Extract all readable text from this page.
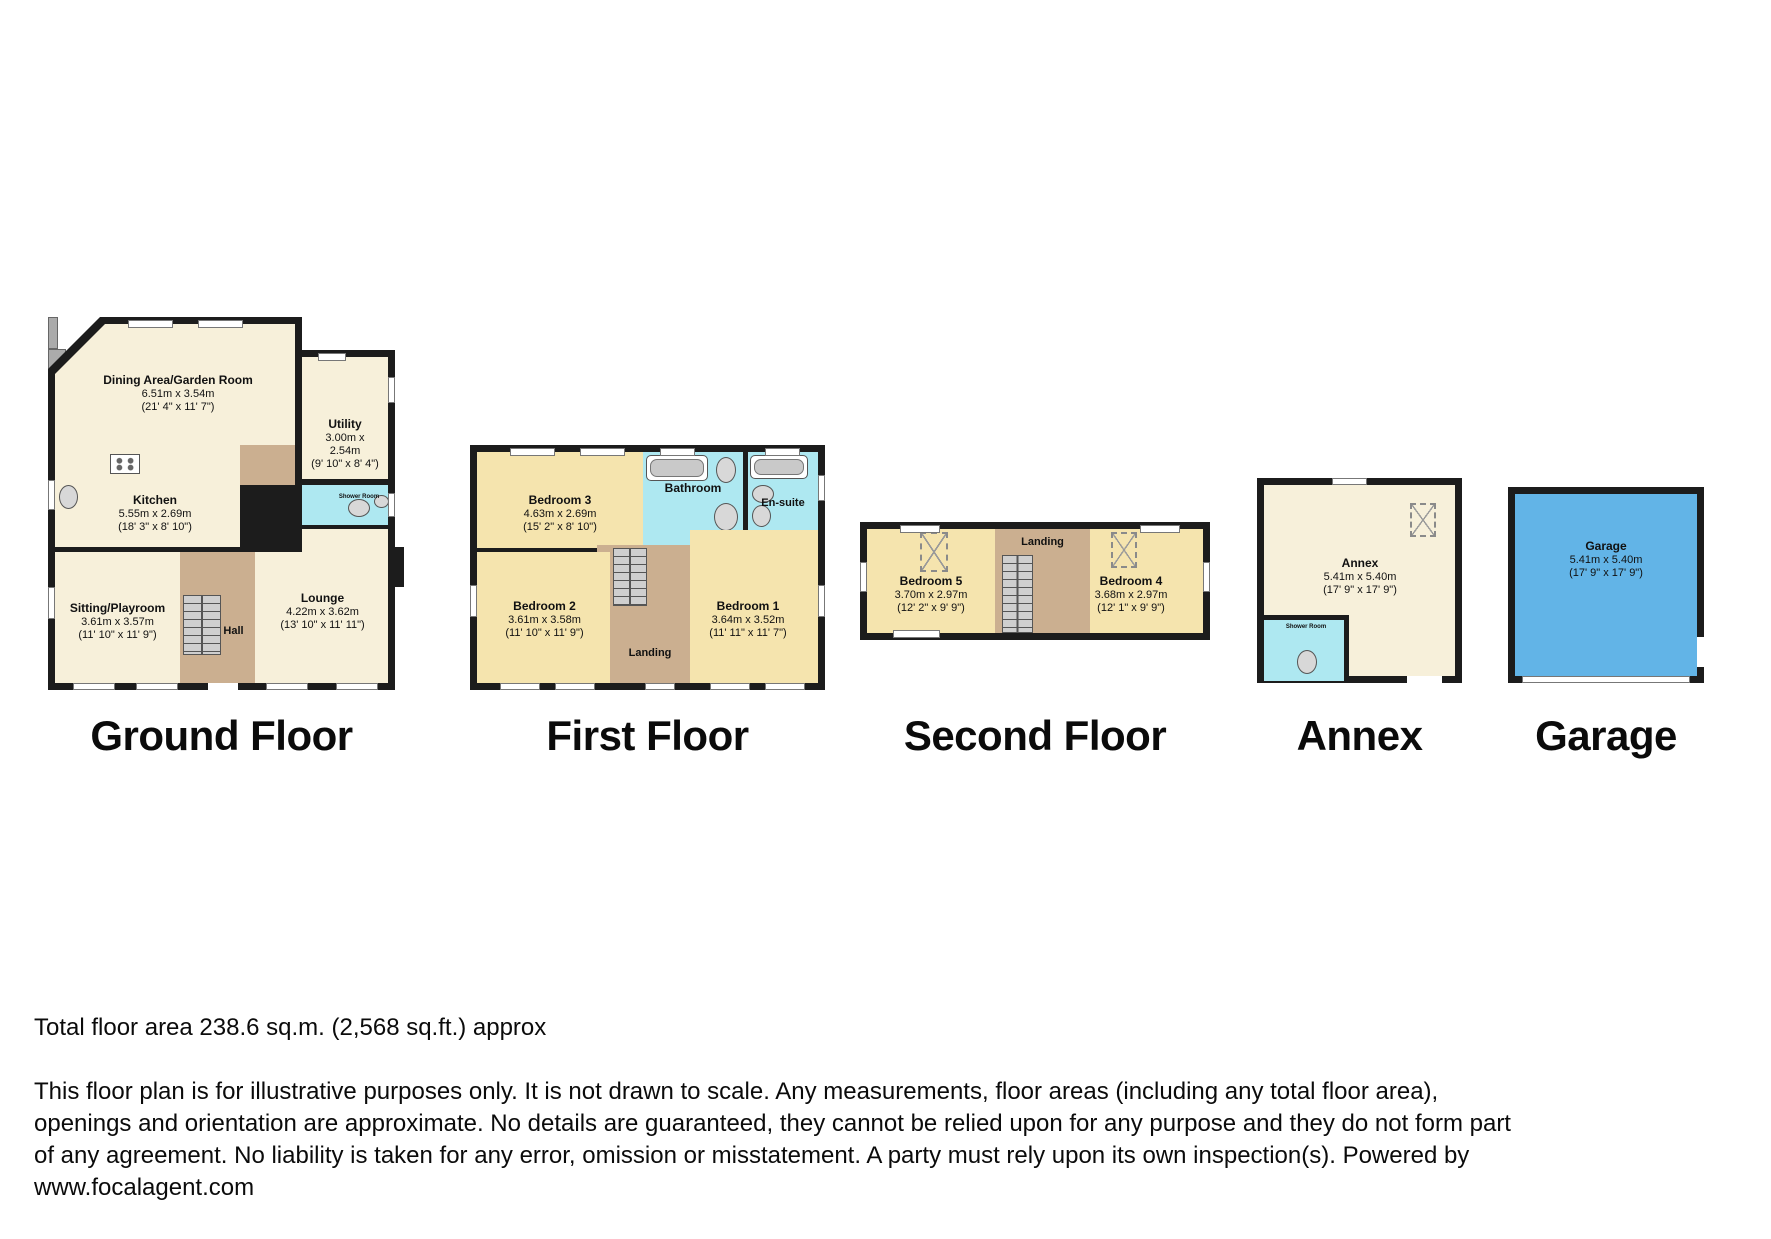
Dining Area/Garden Room
6.51m x 3.54m
(21' 4" x 11' 7")
Utility
3.00m x 2.54m
(9' 10" x 8' 4")
Kitchen
5.55m x 2.69m
(18' 3" x 8' 10")
Shower Room
Sitting/Playroom
3.61m x 3.57m
(11' 10" x 11' 9")	Hall
Lounge
4.22m x 3.62m
(13' 10" x 11' 11")
Ground Floor
Bedroom 3
4.63m x 2.69m
(15' 2" x 8' 10")
Bathroom
En-suite
Bedroom 2
3.61m x 3.58m
(11' 10" x 11' 9")
Landing
Bedroom 1
3.64m x 3.52m
(11' 11" x 11' 7")
First Floor
Bedroom 5
3.70m x 2.97m
(12' 2" x 9' 9")
Landing
Bedroom 4
3.68m x 2.97m
(12' 1" x 9' 9")
Second Floor
Annex
5.41m x 5.40m
(17' 9" x 17' 9")
Shower Room
Annex
Garage
5.41m x 5.40m
(17' 9" x 17' 9")
Garage
Total floor area 238.6 sq.m. (2,568 sq.ft.) approx
This floor plan is for illustrative purposes only. It is not drawn to scale. Any measurements, floor areas (including any total floor area), openings and orientation are approximate. No details are guaranteed, they cannot be relied upon for any purpose and they do not form part of any agreement. No liability is taken for any error, omission or misstatement. A party must rely upon its own inspection(s). Powered by www.focalagent.com
